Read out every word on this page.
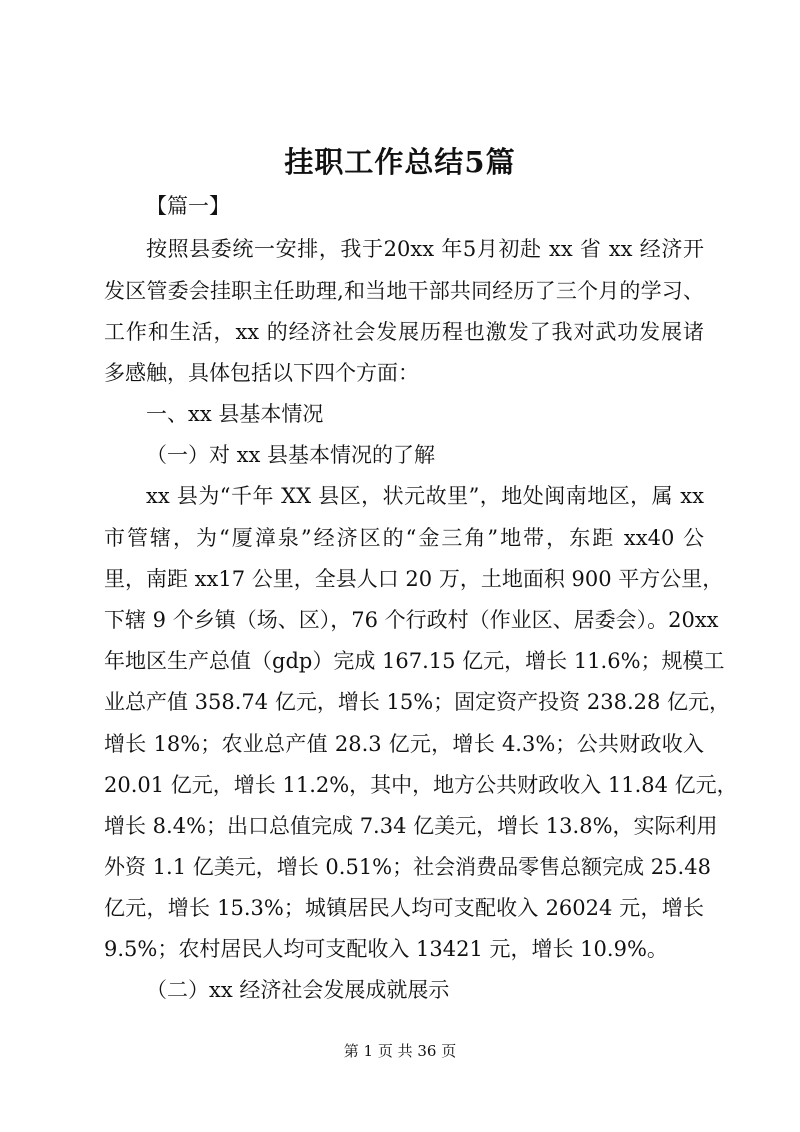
挂职工作总结5篇
【篇一】
按照县委统一安排，我于20xx 年5月初赴 xx 省 xx 经济开
发区管委会挂职主任助理,和当地干部共同经历了三个月的学习、
工作和生活，xx 的经济社会发展历程也激发了我对武功发展诸
多感触，具体包括以下四个方面：
一、xx 县基本情况
（一）对 xx 县基本情况的了解
xx 县为“千年 XX 县区，状元故里”，地处闽南地区，属 xx
市管辖，为“厦漳泉”经济区的“金三角”地带，东距 xx40 公
里，南距 xx17 公里，全县人口 20 万，土地面积 900 平方公里，
下辖 9 个乡镇（场、区），76 个行政村（作业区、居委会）。20xx
年地区生产总值（gdp）完成 167.15 亿元，增长 11.6%；规模工
业总产值 358.74 亿元，增长 15%；固定资产投资 238.28 亿元，
增长 18%；农业总产值 28.3 亿元，增长 4.3%；公共财政收入
20.01 亿元，增长 11.2%，其中，地方公共财政收入 11.84 亿元，
增长 8.4%；出口总值完成 7.34 亿美元，增长 13.8%，实际利用
外资 1.1 亿美元，增长 0.51%；社会消费品零售总额完成 25.48
亿元，增长 15.3%；城镇居民人均可支配收入 26024 元，增长
9.5%；农村居民人均可支配收入 13421 元，增长 10.9%。
（二）xx 经济社会发展成就展示
第 1 页 共 36 页
